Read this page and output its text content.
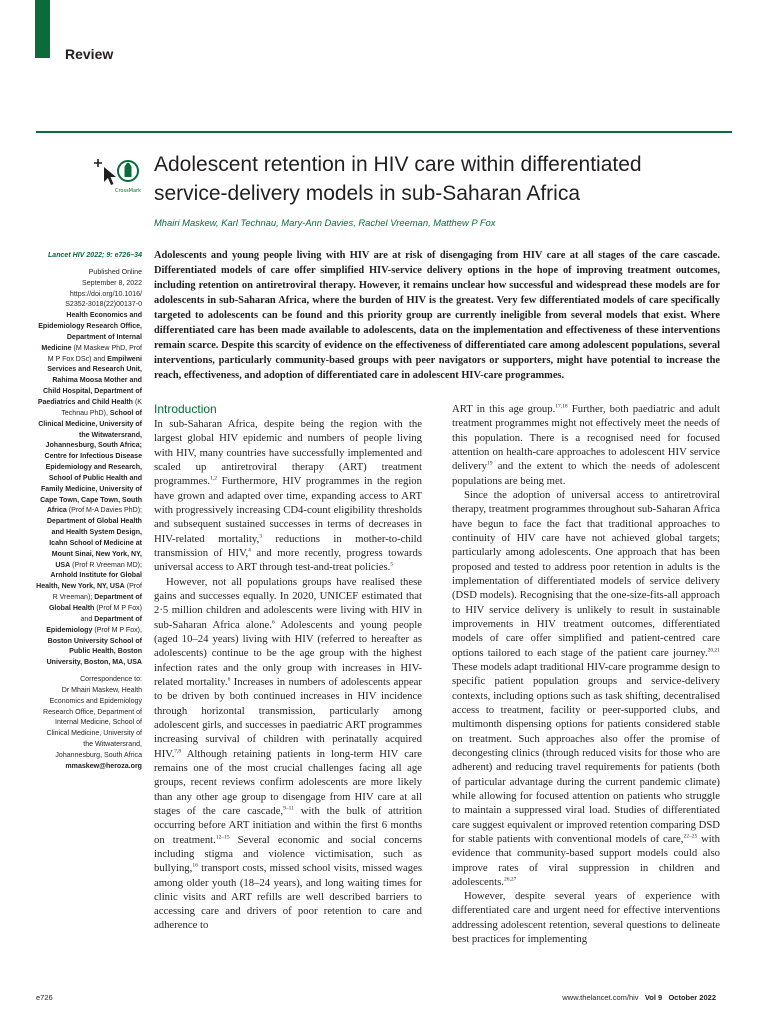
Review
CrossMark
Adolescent retention in HIV care within differentiated service-delivery models in sub-Saharan Africa

Mhairi Maskew, Karl Technau, Mary-Ann Davies, Rachel Vreeman, Matthew P Fox

Lancet HIV 2022; 9: e726–34

Published Online

September 8, 2022

https://doi.org/10.1016/

S2352-3018(22)00137-0

Health Economics and Epidemiology Research Office, Department of Internal Medicine (M Maskew PhD, Prof M P Fox DSc) and Empilweni Services and Research Unit, Rahima Moosa Mother and Child Hospital, Department of Paediatrics and Child Health (K Technau PhD), School of Clinical Medicine, University of the Witwatersrand, Johannesburg, South Africa; Centre for Infectious Disease Epidemiology and Research, School of Public Health and Family Medicine, University of Cape Town, Cape Town, South Africa (Prof M-A Davies PhD); Department of Global Health and Health System Design, Icahn School of Medicine at Mount Sinai, New York, NY, USA (Prof R Vreeman MD); Arnhold Institute for Global Health, New York, NY, USA (Prof R Vreeman); Department of Global Health (Prof M P Fox) and Department of Epidemiology (Prof M P Fox), Boston University School of Public Health, Boston University, Boston, MA, USA

Correspondence to:

Dr Mhairi Maskew, Health Economics and Epidemiology Research Office, Department of Internal Medicine, School of Clinical Medicine, University of the Witwatersrand, Johannesburg, South Africa

mmaskew@heroza.org

Adolescents and young people living with HIV are at risk of disengaging from HIV care at all stages of the care cascade. Differentiated models of care offer simplified HIV-service delivery options in the hope of improving treatment outcomes, including retention on antiretroviral therapy. However, it remains unclear how successful and widespread these models are for adolescents in sub-Saharan Africa, where the burden of HIV is the greatest. Very few differentiated models of care specifically targeted to adolescents can be found and this priority group are currently ineligible from several models that exist. Where differentiated care has been made available to adolescents, data on the implementation and effectiveness of these interventions remain scarce. Despite this scarcity of evidence on the effectiveness of differentiated care among adolescent populations, several interventions, particularly community-based groups with peer navigators or supporters, might have potential to increase the reach, effectiveness, and adoption of differentiated care in adolescent HIV-care programmes.

Introduction

In sub-Saharan Africa, despite being the region with the largest global HIV epidemic and numbers of people living with HIV, many countries have successfully implemented and scaled up antiretroviral therapy (ART) treatment programmes.$^{1,2}$ Furthermore, HIV programmes in the region have grown and adapted over time, expanding access to ART with progressively increasing CD4-count eligibility thresholds and subsequent sustained successes in terms of decreases in HIV-related mortality,$^3$ reductions in mother-to-child transmission of HIV,$^4$ and more recently, progress towards universal access to ART through test-and-treat policies.$^5$

However, not all populations groups have realised these gains and successes equally. In 2020, UNICEF estimated that 2·5 million children and adolescents were living with HIV in sub-Saharan Africa alone.$^6$ Adolescents and young people (aged 10–24 years) living with HIV (referred to hereafter as adolescents) continue to be the age group with the highest infection rates and the only group with increases in HIV-related mortality.$^6$ Increases in numbers of adolescents appear to be driven by both continued increases in HIV incidence through horizontal transmission, particularly among adolescent girls, and successes in paediatric ART programmes increasing survival of children with perinatally acquired HIV.$^{7,8}$ Although retaining patients in long-term HIV care remains one of the most crucial challenges facing all age groups, recent reviews confirm adolescents are more likely than any other age group to disengage from HIV care at all stages of the care cascade,$^{9-11}$ with the bulk of attrition occurring before ART initiation and within the first 6 months on treatment.$^{12-15}$ Several economic and social concerns including stigma and violence victimisation, such as bullying,$^{16}$ transport costs, missed school visits, missed wages among older youth (18–24 years), and long waiting times for clinic visits and ART refills are well described barriers to accessing care and drivers of poor retention to care and adherence to

ART in this age group.$^{17,18}$ Further, both paediatric and adult treatment programmes might not effectively meet the needs of this population. There is a recognised need for focused attention on health-care approaches to adolescent HIV service delivery$^{19}$ and the extent to which the needs of adolescent populations are being met.

Since the adoption of universal access to antiretroviral therapy, treatment programmes throughout sub-Saharan Africa have begun to face the fact that traditional approaches to continuity of HIV care have not achieved global targets; particularly among adolescents. One approach that has been proposed and tested to address poor retention in adults is the implementation of differentiated models of service delivery (DSD models). Recognising that the one-size-fits-all approach to HIV service delivery is unlikely to result in sustainable improvements in HIV treatment outcomes, differentiated models of care offer simplified and patient-centred care options tailored to each stage of the patient care journey.$^{20,21}$ These models adapt traditional HIV-care programme design to specific patient population groups and service-delivery contexts, including options such as task shifting, decentralised access to treatment, facility or peer-supported clubs, and multimonth dispensing options for patients considered stable on treatment. Such approaches also offer the promise of decongesting clinics (through reduced visits for those who are adherent) and reducing travel requirements for patients (both of particular advantage during the current pandemic climate) while allowing for focused attention on patients who struggle to maintain a suppressed viral load. Studies of differentiated care suggest equivalent or improved retention comparing DSD for stable patients with conventional models of care,$^{22-25}$ with evidence that community-based support models could also improve rates of viral suppression in children and adolescents.$^{26,27}$

However, despite several years of experience with differentiated care and urgent need for effective interventions addressing adolescent retention, several questions to delineate best practices for implementing

e726	www.thelancet.com/hiv Vol 9 October 2022
